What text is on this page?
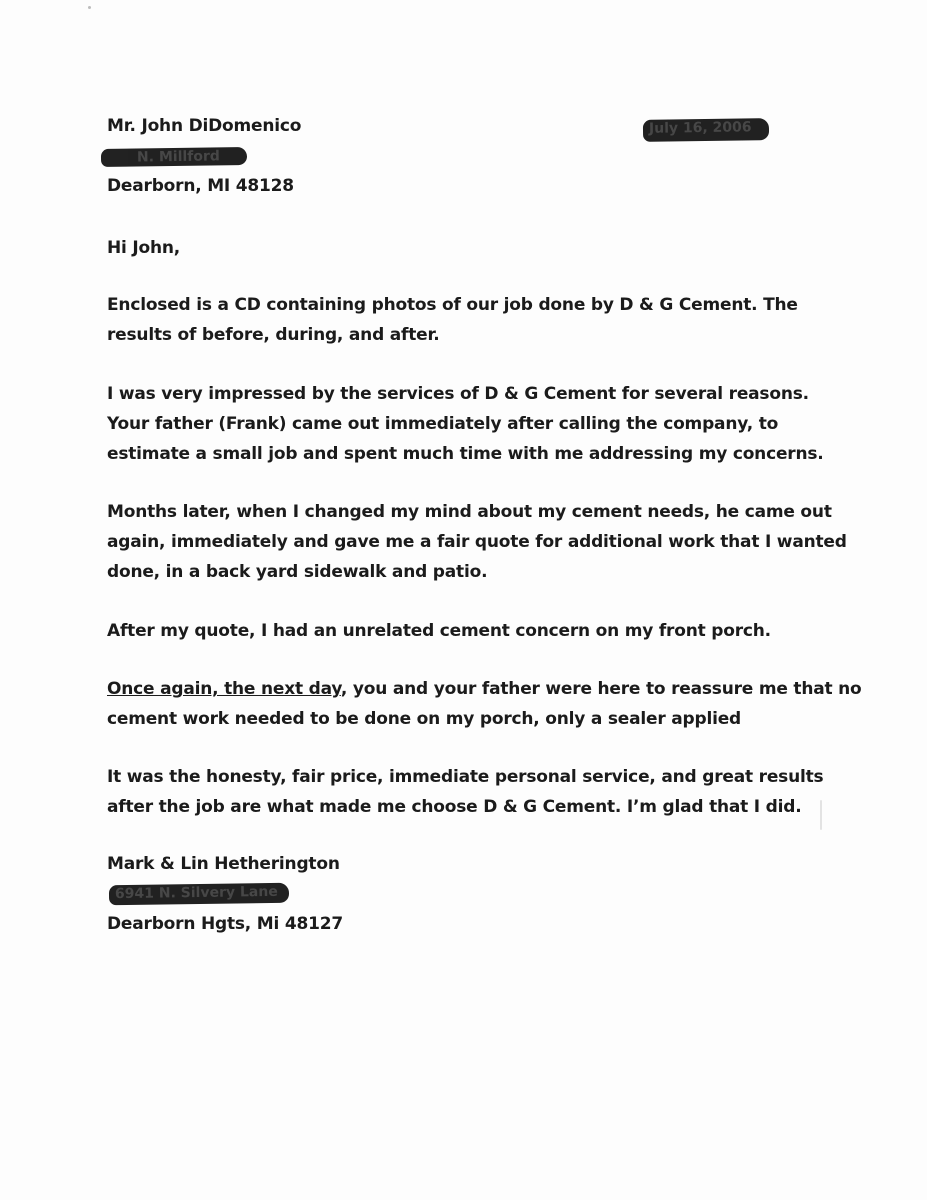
Mr. John DiDomenico	July 16, 2006
N. Millford
Dearborn, MI 48128
Hi John,
Enclosed is a CD containing photos of our job done by D & G Cement. The
results of before, during, and after.
I was very impressed by the services of D & G Cement for several reasons.
Your father (Frank) came out immediately after calling the company, to
estimate a small job and spent much time with me addressing my concerns.
Months later, when I changed my mind about my cement needs, he came out
again, immediately and gave me a fair quote for additional work that I wanted
done, in a back yard sidewalk and patio.
After my quote, I had an unrelated cement concern on my front porch.
Once again, the next day, you and your father were here to reassure me that no
cement work needed to be done on my porch, only a sealer applied
It was the honesty, fair price, immediate personal service, and great results
after the job are what made me choose D & G Cement. I’m glad that I did.
Mark & Lin Hetherington
6941 N. Silvery Lane
Dearborn Hgts, Mi 48127
